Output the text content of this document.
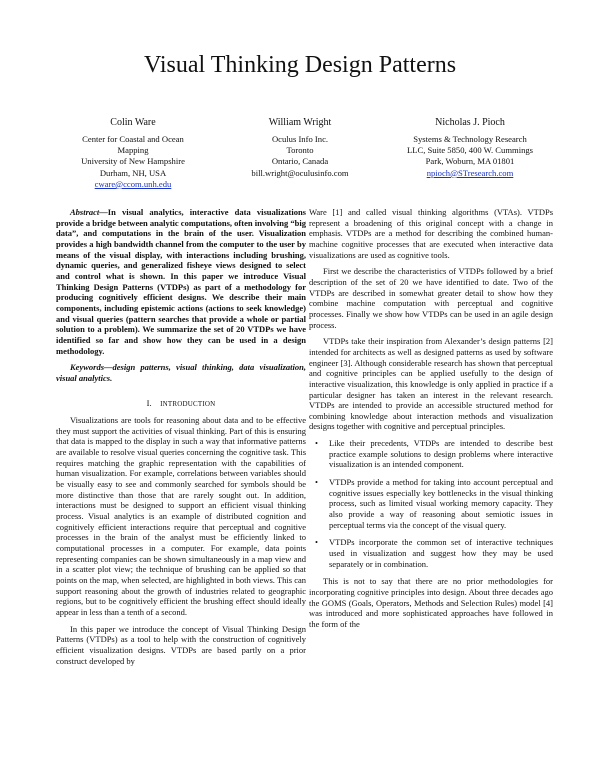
Visual Thinking Design Patterns
Colin Ware
Center for Coastal and Ocean
Mapping
University of New Hampshire
Durham, NH, USA
cware@ccom.unh.edu
William Wright
Oculus Info Inc.
Toronto
Ontario, Canada
bill.wright@oculusinfo.com
Nicholas J. Pioch
Systems & Technology Research
LLC, Suite 5850, 400 W. Cummings
Park, Woburn, MA 01801
npioch@STresearch.com

Abstract—In visual analytics, interactive data visualizations provide a bridge between analytic computations, often involving “big data”, and computations in the brain of the user. Visualization provides a high bandwidth channel from the computer to the user by means of the visual display, with interactions including brushing, dynamic queries, and generalized fisheye views designed to select and control what is shown. In this paper we introduce Visual Thinking Design Patterns (VTDPs) as part of a methodology for producing cognitively efficient designs. We describe their main components, including epistemic actions (actions to seek knowledge) and visual queries (pattern searches that provide a whole or partial solution to a problem). We summarize the set of 20 VTDPs we have identified so far and show how they can be used in a design methodology.

Keywords—design patterns, visual thinking, data visualization, visual analytics.

I. INTRODUCTION

Visualizations are tools for reasoning about data and to be effective they must support the activities of visual thinking. Part of this is ensuring that data is mapped to the display in such a way that informative patterns are available to resolve visual queries concerning the cognitive task. This requires matching the graphic representation with the capabilities of human visualization. For example, correlations between variables should be visually easy to see and commonly searched for symbols should be more distinctive than those that are rarely sought out. In addition, interactions must be designed to support an efficient visual thinking process. Visual analytics is an example of distributed cognition and cognitively efficient interactions require that perceptual and cognitive processes in the brain of the analyst must be efficiently linked to computational processes in a computer. For example, data points representing companies can be shown simultaneously in a map view and in a scatter plot view; the technique of brushing can be applied so that points on the map, when selected, are highlighted in both views. This can support reasoning about the growth of industries related to geographic regions, but to be cognitively efficient the brushing effect should ideally appear in less than a tenth of a second.

In this paper we introduce the concept of Visual Thinking Design Patterns (VTDPs) as a tool to help with the construction of cognitively efficient visualization designs. VTDPs are based partly on a prior construct developed by

Ware [1] and called visual thinking algorithms (VTAs). VTDPs represent a broadening of this original concept with a change in emphasis. VTDPs are a method for describing the combined human-machine cognitive processes that are executed when interactive data visualizations are used as cognitive tools.

First we describe the characteristics of VTDPs followed by a brief description of the set of 20 we have identified to date. Two of the VTDPs are described in somewhat greater detail to show how they combine machine computation with perceptual and cognitive processes. Finally we show how VTDPs can be used in an agile design process.

VTDPs take their inspiration from Alexander’s design patterns [2] intended for architects as well as designed patterns as used by software engineer [3]. Although considerable research has shown that perceptual and cognitive principles can be applied usefully to the design of interactive visualization, this knowledge is only applied in practice if a particular designer has taken an interest in the relevant research. VTDPs are intended to provide an accessible structured method for combining knowledge about interaction methods and visualization designs together with cognitive and perceptual principles.

• Like their precedents, VTDPs are intended to describe best practice example solutions to design problems where interactive visualization is an intended component.
• VTDPs provide a method for taking into account perceptual and cognitive issues especially key bottlenecks in the visual thinking process, such as limited visual working memory capacity. They also provide a way of reasoning about semiotic issues in perceptual terms via the concept of the visual query.
• VTDPs incorporate the common set of interactive techniques used in visualization and suggest how they may be used separately or in combination.

This is not to say that there are no prior methodologies for incorporating cognitive principles into design. About three decades ago the GOMS (Goals, Operators, Methods and Selection Rules) model [4] was introduced and more sophisticated approaches have followed in the form of the
